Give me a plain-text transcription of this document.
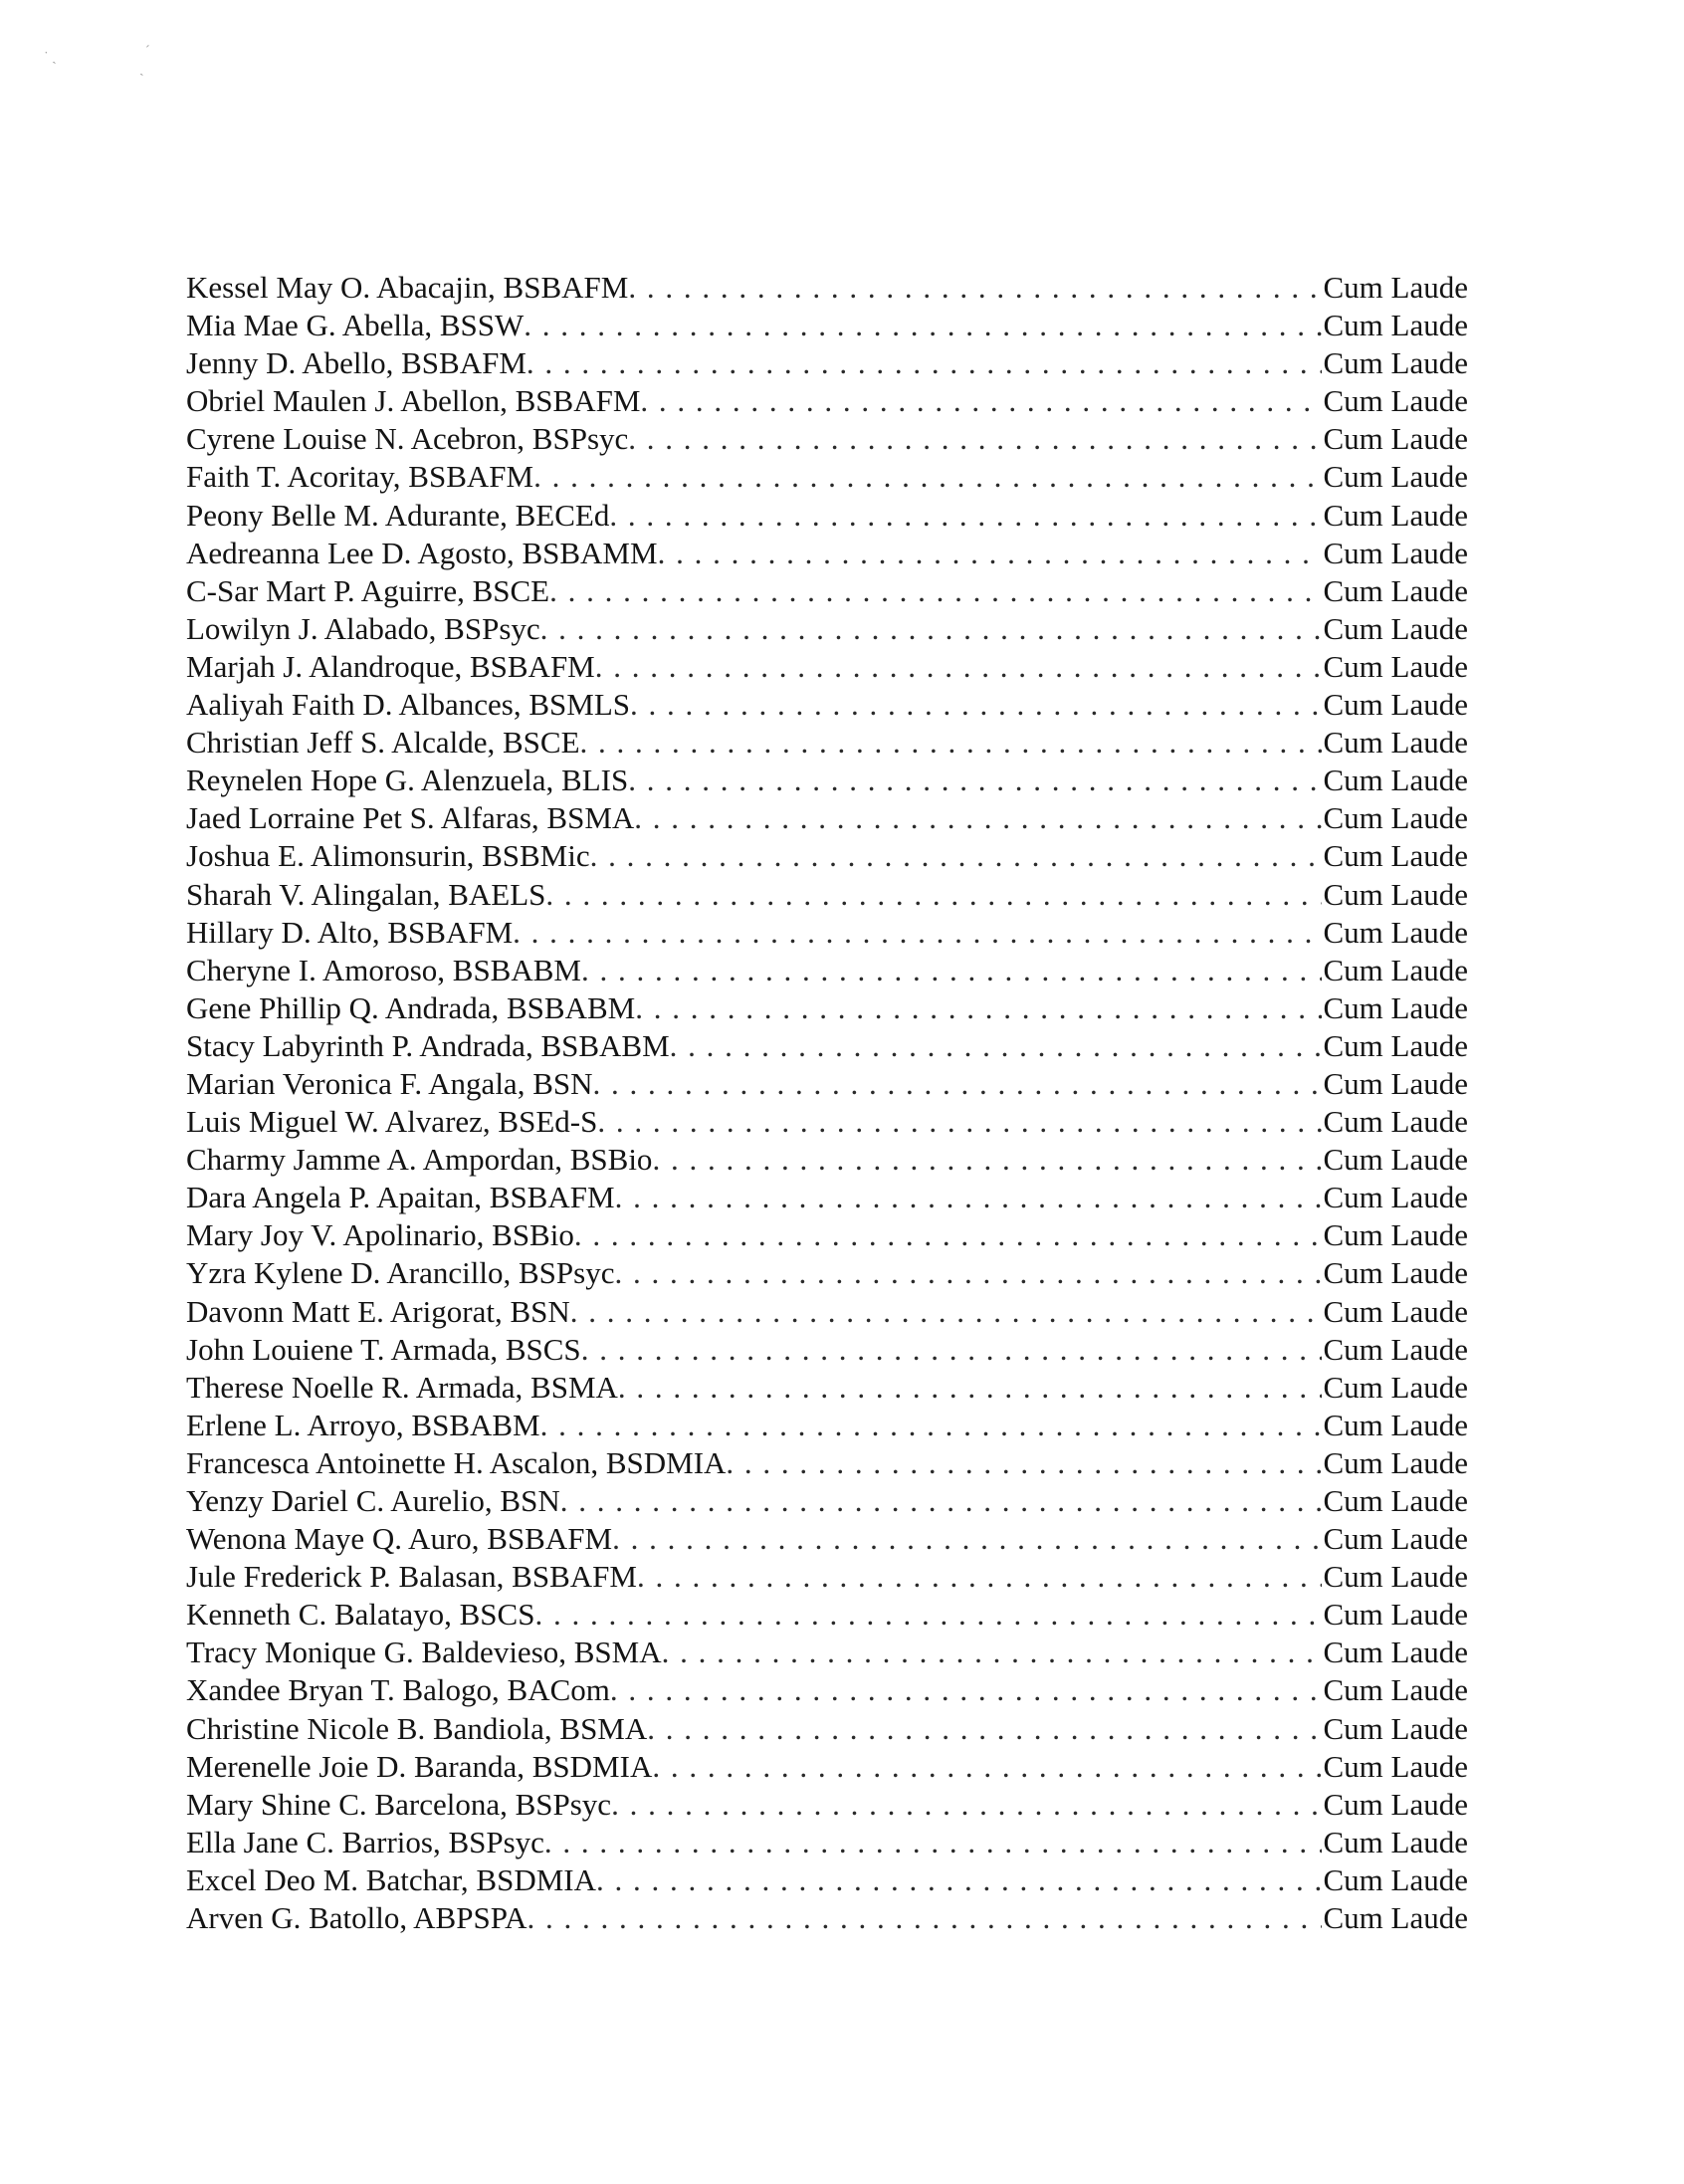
˙ ˎ	ˊ
ˏ
Kessel May O. Abacajin, BSBAFM . . .	Cum Laude
Mia Mae G. Abella, BSSW . . .	Cum Laude
Jenny D. Abello, BSBAFM . . .	Cum Laude
Obriel Maulen J. Abellon, BSBAFM . . .	Cum Laude
Cyrene Louise N. Acebron, BSPsyc . . .	Cum Laude
Faith T. Acoritay, BSBAFM . . .	Cum Laude
Peony Belle M. Adurante, BECEd . . .	Cum Laude
Aedreanna Lee D. Agosto, BSBAMM . . .	Cum Laude
C-Sar Mart P. Aguirre, BSCE . . .	Cum Laude
Lowilyn J. Alabado, BSPsyc . . .	Cum Laude
Marjah J. Alandroque, BSBAFM . . .	Cum Laude
Aaliyah Faith D. Albances, BSMLS . . .	Cum Laude
Christian Jeff S. Alcalde, BSCE . . .	Cum Laude
Reynelen Hope G. Alenzuela, BLIS . . .	Cum Laude
Jaed Lorraine Pet S. Alfaras, BSMA . . .	Cum Laude
Joshua E. Alimonsurin, BSBMic . . .	Cum Laude
Sharah V. Alingalan, BAELS . . .	Cum Laude
Hillary D. Alto, BSBAFM . . .	Cum Laude
Cheryne I. Amoroso, BSBABM . . .	Cum Laude
Gene Phillip Q. Andrada, BSBABM . . .	Cum Laude
Stacy Labyrinth P. Andrada, BSBABM . . .	Cum Laude
Marian Veronica F. Angala, BSN . . .	Cum Laude
Luis Miguel W. Alvarez, BSEd-S . . .	Cum Laude
Charmy Jamme A. Ampordan, BSBio . . .	Cum Laude
Dara Angela P. Apaitan, BSBAFM . . .	Cum Laude
Mary Joy V. Apolinario, BSBio . . .	Cum Laude
Yzra Kylene D. Arancillo, BSPsyc . . .	Cum Laude
Davonn Matt E. Arigorat, BSN . . .	Cum Laude
John Louiene T. Armada, BSCS . . .	Cum Laude
Therese Noelle R. Armada, BSMA . . .	Cum Laude
Erlene L. Arroyo, BSBABM . . .	Cum Laude
Francesca Antoinette H. Ascalon, BSDMIA . . .	Cum Laude
Yenzy Dariel C. Aurelio, BSN . . .	Cum Laude
Wenona Maye Q. Auro, BSBAFM . . .	Cum Laude
Jule Frederick P. Balasan, BSBAFM . . .	Cum Laude
Kenneth C. Balatayo, BSCS . . .	Cum Laude
Tracy Monique G. Baldevieso, BSMA . . .	Cum Laude
Xandee Bryan T. Balogo, BACom . . .	Cum Laude
Christine Nicole B. Bandiola, BSMA . . .	Cum Laude
Merenelle Joie D. Baranda, BSDMIA . . .	Cum Laude
Mary Shine C. Barcelona, BSPsyc . . .	Cum Laude
Ella Jane C. Barrios, BSPsyc . . .	Cum Laude
Excel Deo M. Batchar, BSDMIA . . .	Cum Laude
Arven G. Batollo, ABPSPA . . .	Cum Laude
